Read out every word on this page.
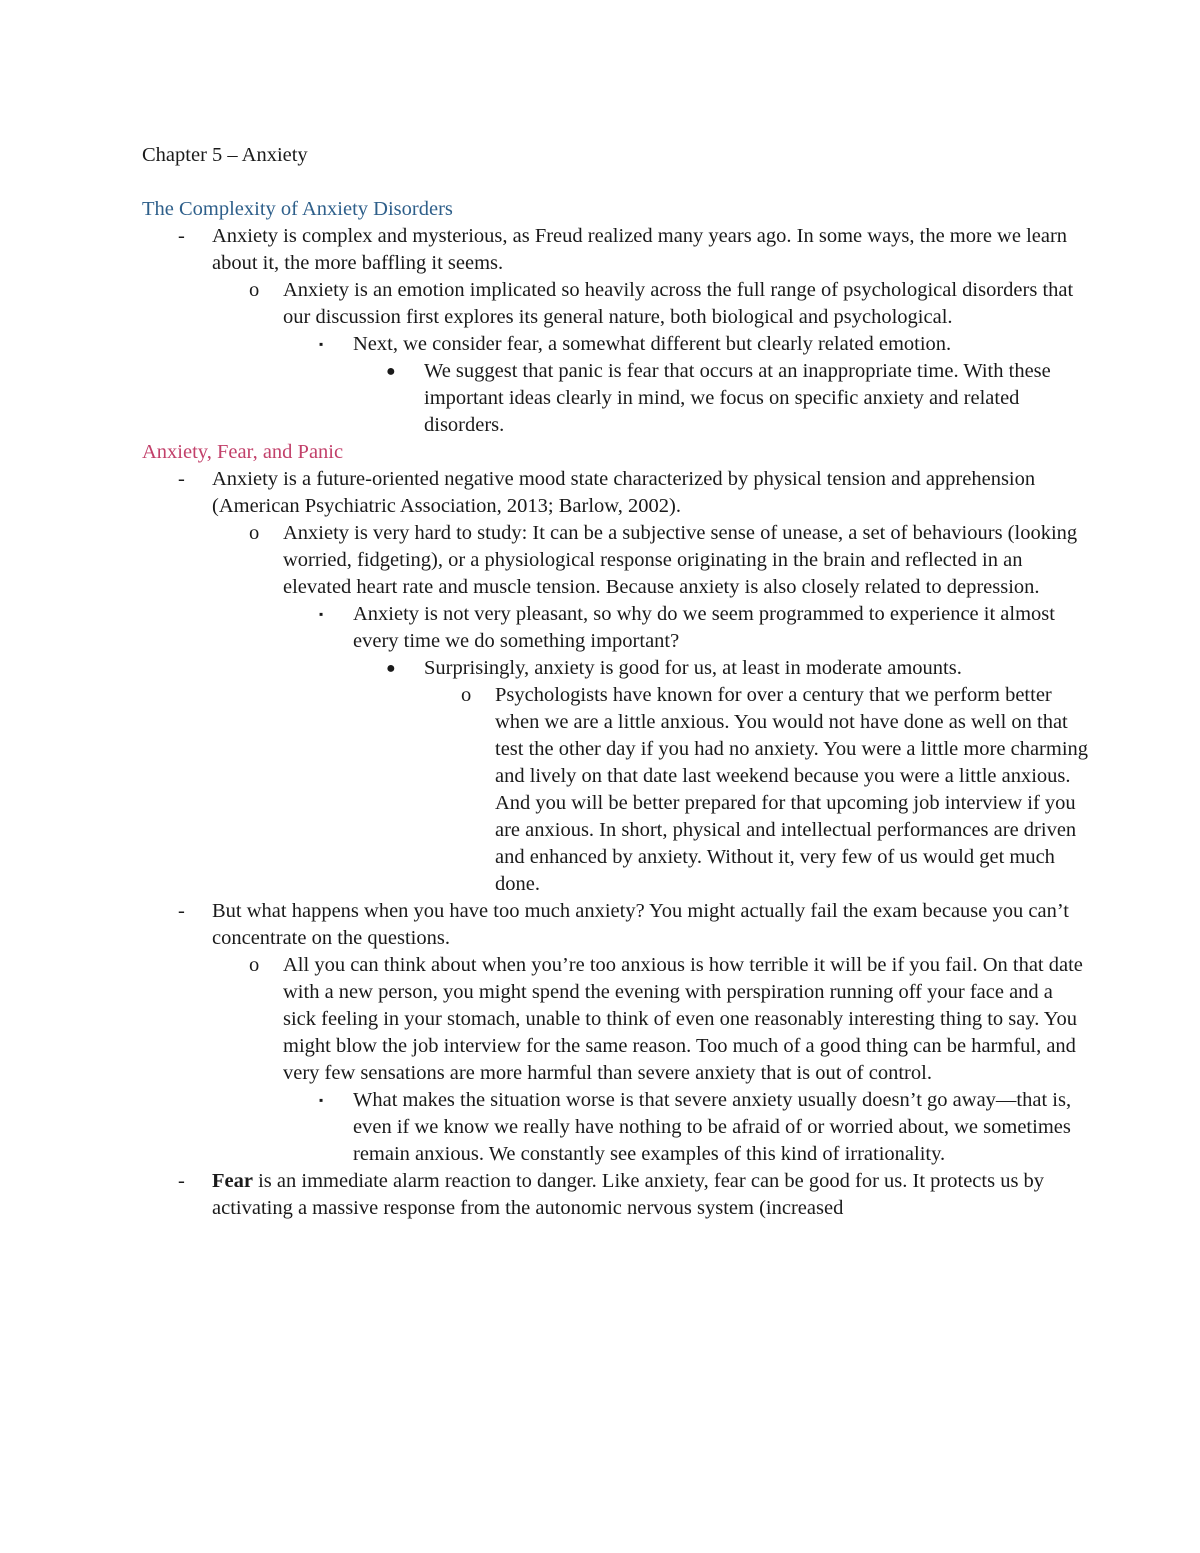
Chapter 5 – Anxiety

The Complexity of Anxiety Disorders

- Anxiety is complex and mysterious, as Freud realized many years ago. In some ways, the more we learn about it, the more baffling it seems.
o Anxiety is an emotion implicated so heavily across the full range of psychological disorders that our discussion first explores its general nature, both biological and psychological.
▪ Next, we consider fear, a somewhat different but clearly related emotion.
● We suggest that panic is fear that occurs at an inappropriate time. With these important ideas clearly in mind, we focus on specific anxiety and related disorders.

Anxiety, Fear, and Panic

- Anxiety is a future-oriented negative mood state characterized by physical tension and apprehension (American Psychiatric Association, 2013; Barlow, 2002).
o Anxiety is very hard to study: It can be a subjective sense of unease, a set of behaviours (looking worried, fidgeting), or a physiological response originating in the brain and reflected in an elevated heart rate and muscle tension. Because anxiety is also closely related to depression.
▪ Anxiety is not very pleasant, so why do we seem programmed to experience it almost every time we do something important?
● Surprisingly, anxiety is good for us, at least in moderate amounts.
o Psychologists have known for over a century that we perform better when we are a little anxious. You would not have done as well on that test the other day if you had no anxiety. You were a little more charming and lively on that date last weekend because you were a little anxious. And you will be better prepared for that upcoming job interview if you are anxious. In short, physical and intellectual performances are driven and enhanced by anxiety. Without it, very few of us would get much done.
- But what happens when you have too much anxiety? You might actually fail the exam because you can’t concentrate on the questions.
o All you can think about when you’re too anxious is how terrible it will be if you fail. On that date with a new person, you might spend the evening with perspiration running off your face and a sick feeling in your stomach, unable to think of even one reasonably interesting thing to say. You might blow the job interview for the same reason. Too much of a good thing can be harmful, and very few sensations are more harmful than severe anxiety that is out of control.
▪ What makes the situation worse is that severe anxiety usually doesn’t go away—that is, even if we know we really have nothing to be afraid of or worried about, we sometimes remain anxious. We constantly see examples of this kind of irrationality.
- Fear is an immediate alarm reaction to danger. Like anxiety, fear can be good for us. It protects us by activating a massive response from the autonomic nervous system (increased
